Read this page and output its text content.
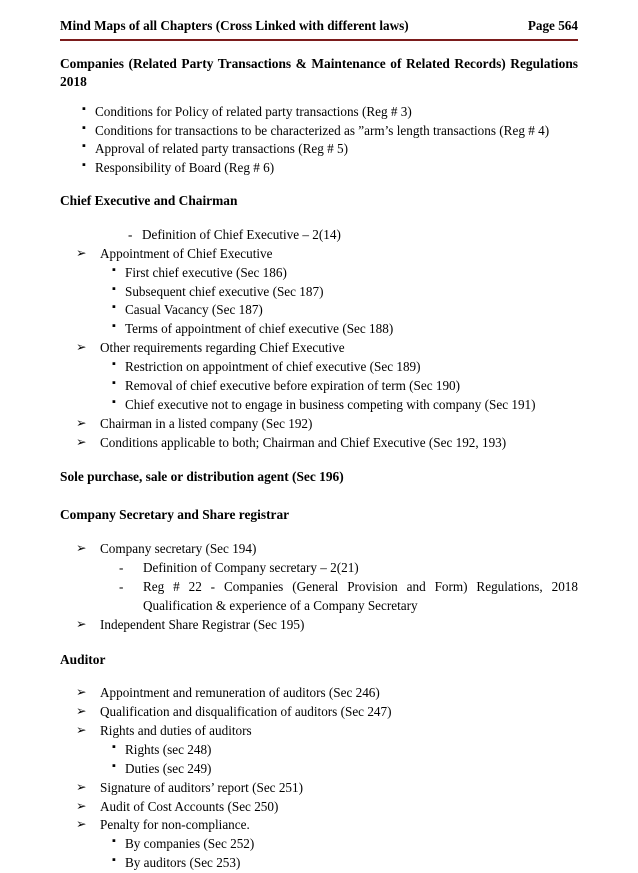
Mind Maps of all Chapters (Cross Linked with different laws)	Page 564
Companies (Related Party Transactions & Maintenance of Related Records) Regulations 2018
▪ Conditions for Policy of related party transactions (Reg # 3)
▪ Conditions for transactions to be characterized as ”arm’s length transactions (Reg # 4)
▪ Approval of related party transactions (Reg # 5)
▪ Responsibility of Board (Reg # 6)
Chief Executive and Chairman
- Definition of Chief Executive – 2(14)
➢ Appointment of Chief Executive
▪ First chief executive (Sec 186)
▪ Subsequent chief executive (Sec 187)
▪ Casual Vacancy (Sec 187)
▪ Terms of appointment of chief executive (Sec 188)
➢ Other requirements regarding Chief Executive
▪ Restriction on appointment of chief executive (Sec 189)
▪ Removal of chief executive before expiration of term (Sec 190)
▪ Chief executive not to engage in business competing with company (Sec 191)
➢ Chairman in a listed company (Sec 192)
➢ Conditions applicable to both; Chairman and Chief Executive (Sec 192, 193)
Sole purchase, sale or distribution agent (Sec 196)
Company Secretary and Share registrar
➢ Company secretary (Sec 194)
- Definition of Company secretary – 2(21)
- Reg # 22 - Companies (General Provision and Form) Regulations, 2018 Qualification & experience of a Company Secretary
➢ Independent Share Registrar (Sec 195)
Auditor
➢ Appointment and remuneration of auditors (Sec 246)
➢ Qualification and disqualification of auditors (Sec 247)
➢ Rights and duties of auditors
▪ Rights (sec 248)
▪ Duties (sec 249)
➢ Signature of auditors’ report (Sec 251)
➢ Audit of Cost Accounts (Sec 250)
➢ Penalty for non-compliance.
▪ By companies (Sec 252)
▪ By auditors (Sec 253)
